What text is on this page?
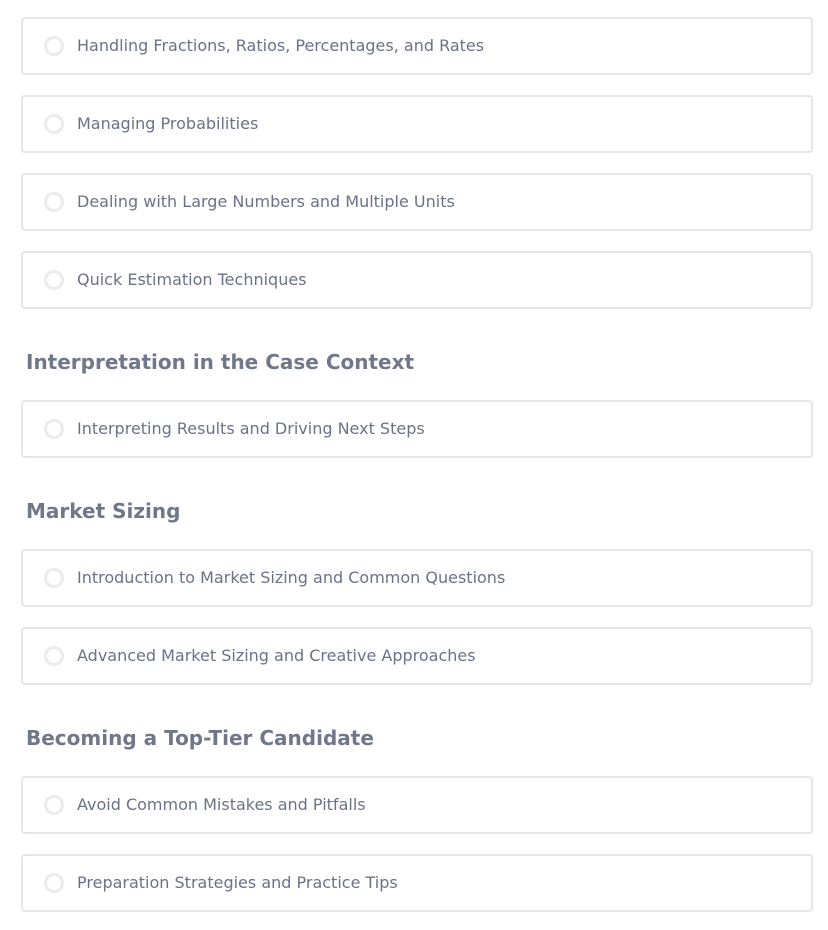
Handling Fractions, Ratios, Percentages, and Rates
Managing Probabilities
Dealing with Large Numbers and Multiple Units
Quick Estimation Techniques
Interpretation in the Case Context
Interpreting Results and Driving Next Steps
Market Sizing
Introduction to Market Sizing and Common Questions
Advanced Market Sizing and Creative Approaches
Becoming a Top-Tier Candidate
Avoid Common Mistakes and Pitfalls
Preparation Strategies and Practice Tips
